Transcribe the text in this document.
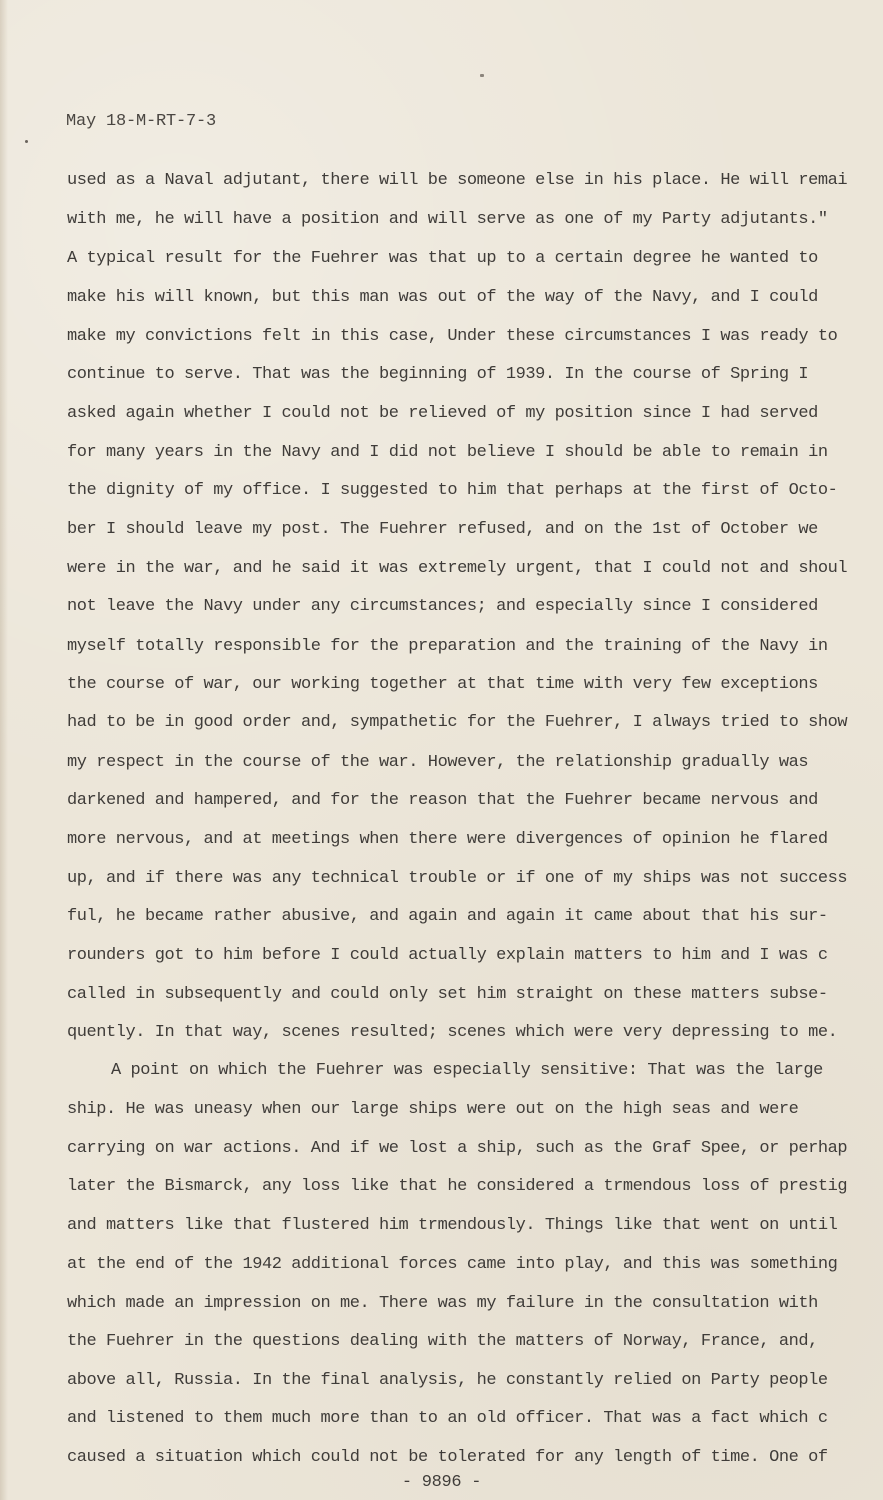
May 18-M-RT-7-3
used as a Naval adjutant, there will be someone else in his place. He will remai
with me, he will have a position and will serve as one of my Party adjutants."
A typical result for the Fuehrer was that up to a certain degree he wanted to
make his will known, but this man was out of the way of the Navy, and I could
make my convictions felt in this case, Under these circumstances I was ready to
continue to serve. That was the beginning of 1939. In the course of Spring I
asked again whether I could not be relieved of my position since I had served
for many years in the Navy and I did not believe I should be able to remain in
the dignity of my office. I suggested to him that perhaps at the first of Octo-
ber I should leave my post. The Fuehrer refused, and on the 1st of October we
were in the war, and he said it was extremely urgent, that I could not and shoul
not leave the Navy under any circumstances; and especially since I considered
myself totally responsible for the preparation and the training of the Navy in
the course of war, our working together at that time with very few exceptions
had to be in good order and, sympathetic for the Fuehrer, I always tried to show
my respect in the course of the war. However, the relationship gradually was
darkened and hampered, and for the reason that the Fuehrer became nervous and
more nervous, and at meetings when there were divergences of opinion he flared
up, and if there was any technical trouble or if one of my ships was not success
ful, he became rather abusive, and again and again it came about that his sur-
rounders got to him before I could actually explain matters to him and I was c
called in subsequently and could only set him straight on these matters subse-
quently. In that way, scenes resulted; scenes which were very depressing to me.
A point on which the Fuehrer was especially sensitive: That was the large
ship. He was uneasy when our large ships were out on the high seas and were
carrying on war actions. And if we lost a ship, such as the Graf Spee, or perhap
later the Bismarck, any loss like that he considered a trmendous loss of prestig
and matters like that flustered him trmendously. Things like that went on until
at the end of the 1942 additional forces came into play, and this was something
which made an impression on me. There was my failure in the consultation with
the Fuehrer in the questions dealing with the matters of Norway, France, and,
above all, Russia. In the final analysis, he constantly relied on Party people
and listened to them much more than to an old officer. That was a fact which c
caused a situation which could not be tolerated for any length of time. One of
- 9896 -
